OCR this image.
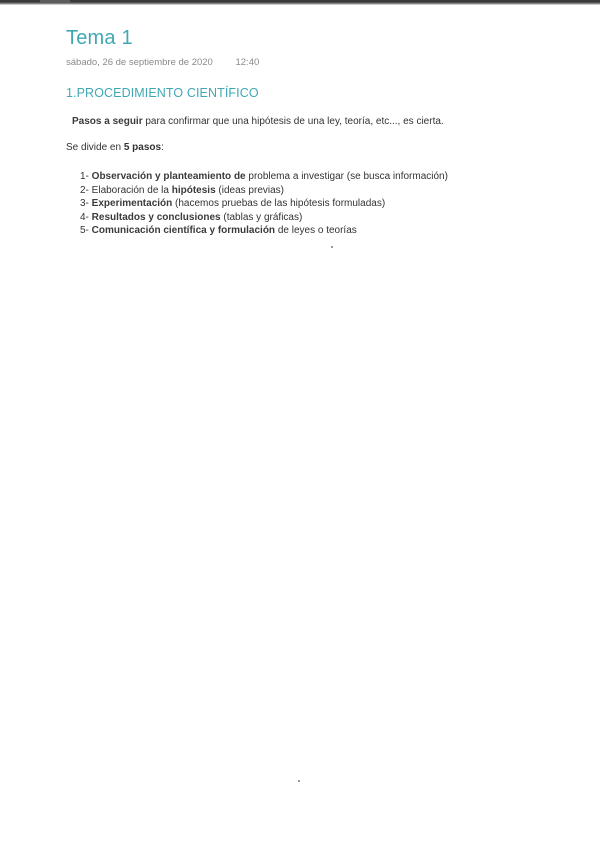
Tema 1
sábado, 26 de septiembre de 2020 12:40
1.PROCEDIMIENTO CIENTÍFICO
Pasos a seguir para confirmar que una hipótesis de una ley, teoría, etc..., es cierta.
Se divide en 5 pasos:
1- Observación y planteamiento de problema a investigar (se busca información)
2- Elaboración de la hipótesis (ideas previas)
3- Experimentación (hacemos pruebas de las hipótesis formuladas)
4- Resultados y conclusiones (tablas y gráficas)
5- Comunicación científica y formulación de leyes o teorías
